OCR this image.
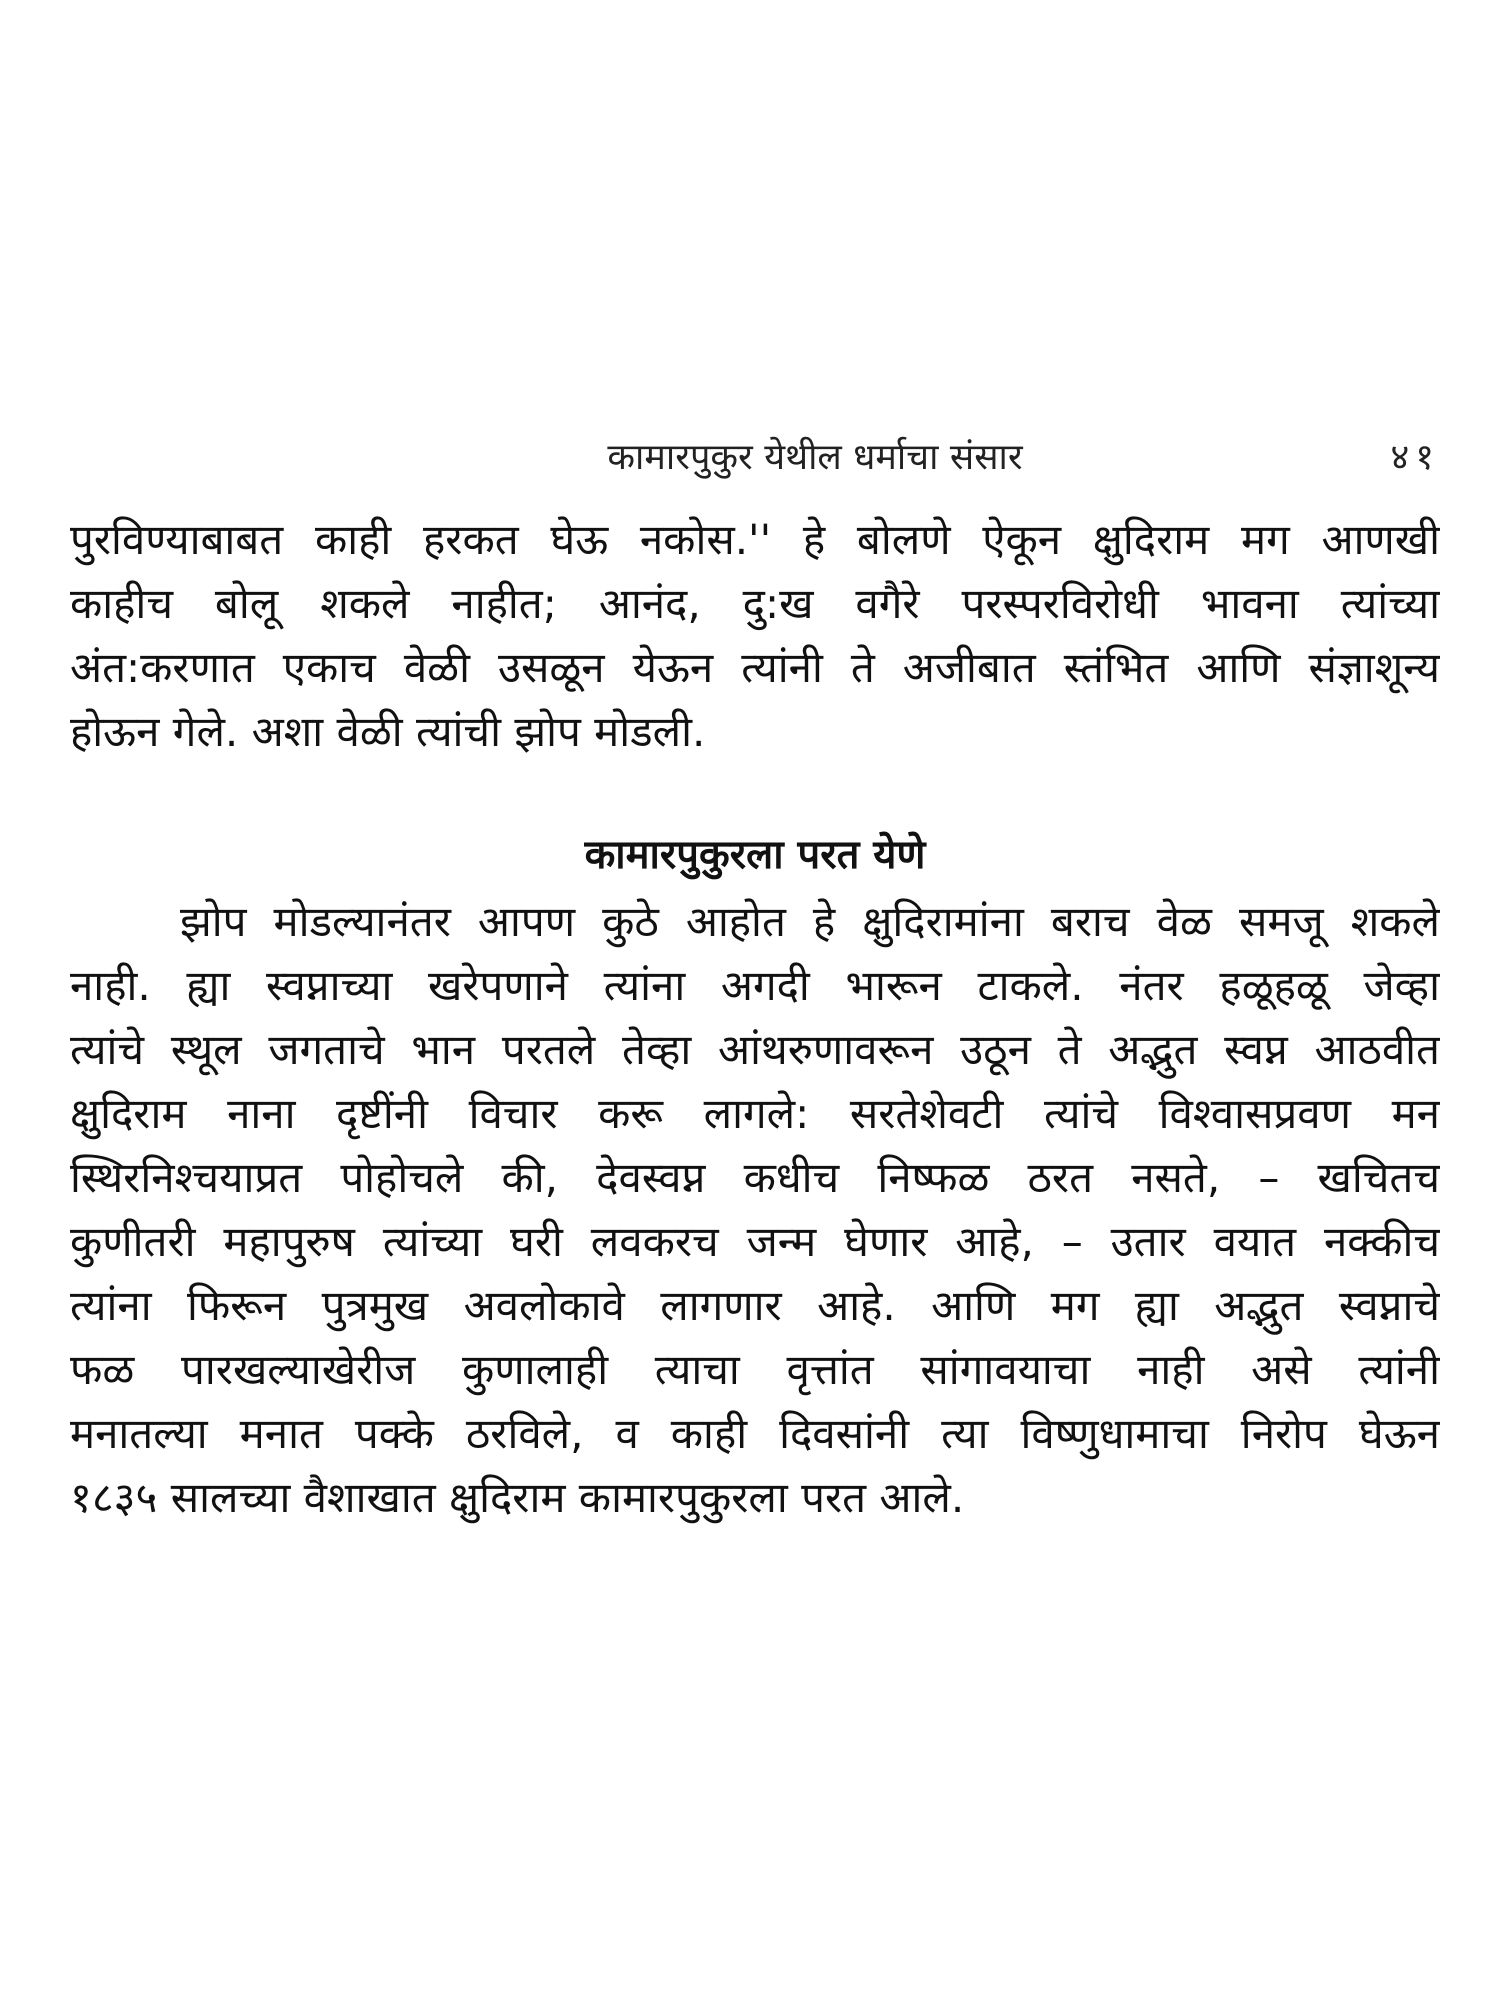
कामारपुकुर येथील धर्माचा संसार	४१
पुरविण्याबाबत काही हरकत घेऊ नकोस.'' हे बोलणे ऐकून क्षुदिराम मग आणखी
काहीच बोलू शकले नाहीत; आनंद, दु:ख वगैरे परस्परविरोधी भावना त्यांच्या
अंत:करणात एकाच वेळी उसळून येऊन त्यांनी ते अजीबात स्तंभित आणि संज्ञाशून्य
होऊन गेले. अशा वेळी त्यांची झोप मोडली.
कामारपुकुरला परत येणे
झोप मोडल्यानंतर आपण कुठे आहोत हे क्षुदिरामांना बराच वेळ समजू शकले
नाही. ह्या स्वप्नाच्या खरेपणाने त्यांना अगदी भारून टाकले. नंतर हळूहळू जेव्हा
त्यांचे स्थूल जगताचे भान परतले तेव्हा आंथरुणावरून उठून ते अद्भुत स्वप्न आठवीत
क्षुदिराम नाना दृष्टींनी विचार करू लागले: सरतेशेवटी त्यांचे विश्वासप्रवण मन
स्थिरनिश्चयाप्रत पोहोचले की, देवस्वप्न कधीच निष्फळ ठरत नसते, – खचितच
कुणीतरी महापुरुष त्यांच्या घरी लवकरच जन्म घेणार आहे, – उतार वयात नक्कीच
त्यांना फिरून पुत्रमुख अवलोकावे लागणार आहे. आणि मग ह्या अद्भुत स्वप्नाचे
फळ पारखल्याखेरीज कुणालाही त्याचा वृत्तांत सांगावयाचा नाही असे त्यांनी
मनातल्या मनात पक्के ठरविले, व काही दिवसांनी त्या विष्णुधामाचा निरोप घेऊन
१८३५ सालच्या वैशाखात क्षुदिराम कामारपुकुरला परत आले.
